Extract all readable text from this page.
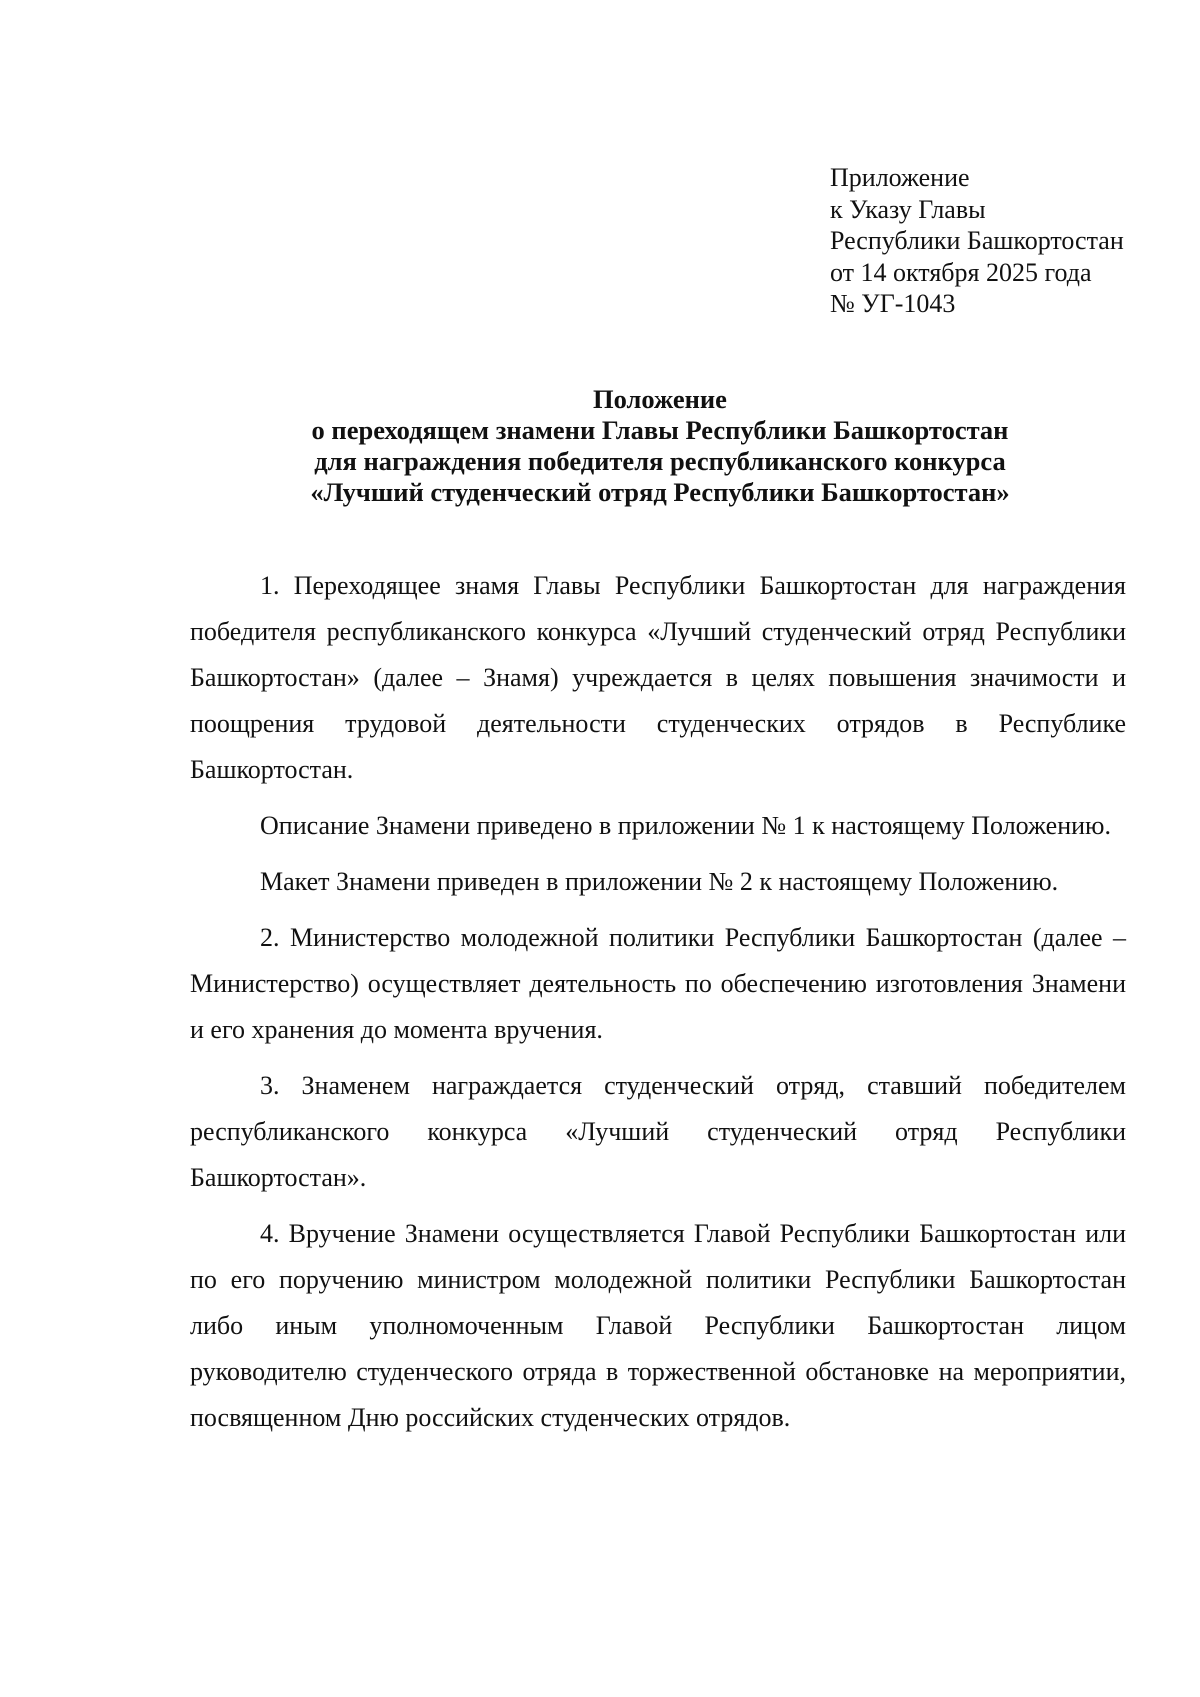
Приложение
к Указу Главы
Республики Башкортостан
от 14 октября 2025 года
№ УГ-1043
Положение
о переходящем знамени Главы Республики Башкортостан
для награждения победителя республиканского конкурса
«Лучший студенческий отряд Республики Башкортостан»

1. Переходящее знамя Главы Республики Башкортостан для награждения победителя республиканского конкурса «Лучший студенческий отряд Республики Башкортостан» (далее – Знамя) учреждается в целях повышения значимости и поощрения трудовой деятельности студенческих отрядов в Республике Башкортостан.

Описание Знамени приведено в приложении № 1 к настоящему Положению.

Макет Знамени приведен в приложении № 2 к настоящему Положению.

2. Министерство молодежной политики Республики Башкортостан (далее – Министерство) осуществляет деятельность по обеспечению изготовления Знамени и его хранения до момента вручения.

3. Знаменем награждается студенческий отряд, ставший победителем республиканского конкурса «Лучший студенческий отряд Республики Башкортостан».

4. Вручение Знамени осуществляется Главой Республики Башкортостан или по его поручению министром молодежной политики Республики Башкортостан либо иным уполномоченным Главой Республики Башкортостан лицом руководителю студенческого отряда в торжественной обстановке на мероприятии, посвященном Дню российских студенческих отрядов.
